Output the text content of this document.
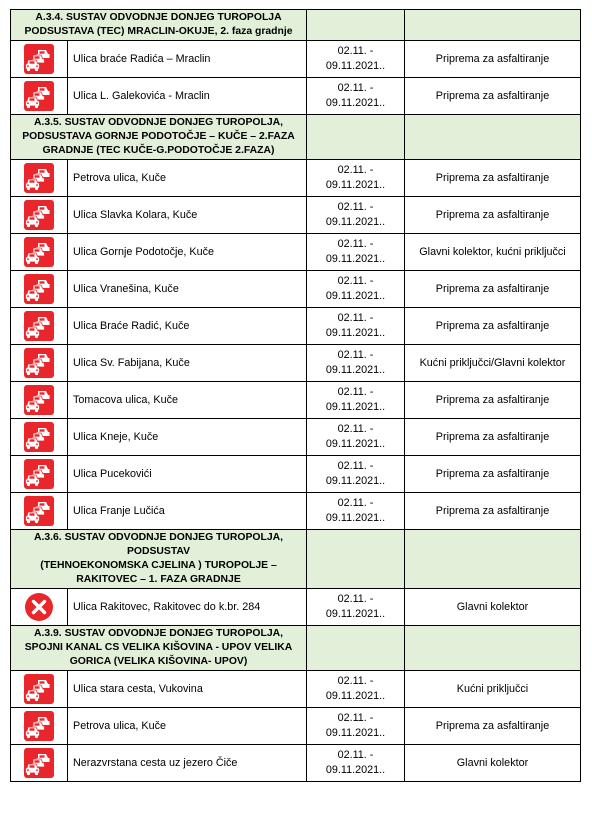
A.3.4. SUSTAV ODVODNJE DONJEG TUROPOLJA PODSUSTAVA (TEC) MRACLIN-OKUJE, 2. faza gradnje			
	Ulica braće Radića – Mraclin	02.11. -
09.11.2021..	Priprema za asfaltiranje
	Ulica L. Galekovića - Mraclin	02.11. -
09.11.2021..	Priprema za asfaltiranje
A.3.5. SUSTAV ODVODNJE DONJEG TUROPOLJA, PODSUSTAVA GORNJE PODOTOČJE – KUČE – 2.FAZA GRADNJE (TEC KUČE-G.PODOTOČJE 2.FAZA)			
	Petrova ulica, Kuče	02.11. -
09.11.2021..	Priprema za asfaltiranje
	Ulica Slavka Kolara, Kuče	02.11. -
09.11.2021..	Priprema za asfaltiranje
	Ulica Gornje Podotočje, Kuče	02.11. -
09.11.2021..	Glavni kolektor, kućni priključci
	Ulica Vranešina, Kuče	02.11. -
09.11.2021..	Priprema za asfaltiranje
	Ulica Braće Radić, Kuče	02.11. -
09.11.2021..	Priprema za asfaltiranje
	Ulica Sv. Fabijana, Kuče	02.11. -
09.11.2021..	Kućni priključci/Glavni kolektor
	Tomacova ulica, Kuče	02.11. -
09.11.2021..	Priprema za asfaltiranje
	Ulica Kneje, Kuče	02.11. -
09.11.2021..	Priprema za asfaltiranje
	Ulica Pucekovići	02.11. -
09.11.2021..	Priprema za asfaltiranje
	Ulica Franje Lučića	02.11. -
09.11.2021..	Priprema za asfaltiranje

A.3.6. SUSTAV ODVODNJE DONJEG TUROPOLJA,
PODSUSTAV
(TEHNOEKONOMSKA CJELINA ) TUROPOLJE –
RAKITOVEC – 1. FAZA GRADNJE			

	Ulica Rakitovec, Rakitovec do k.br. 284	02.11. -
09.11.2021..	Glavni kolektor
A.3.9. SUSTAV ODVODNJE DONJEG TUROPOLJA, SPOJNI KANAL CS VELIKA KIŠOVINA - UPOV VELIKA GORICA (VELIKA KIŠOVINA- UPOV)			
	Ulica stara cesta, Vukovina	02.11. -
09.11.2021..	Kućni priključci
	Petrova ulica, Kuče	02.11. -
09.11.2021..	Priprema za asfaltiranje
	Nerazvrstana cesta uz jezero Čiče	02.11. -
09.11.2021..	Glavni kolektor
